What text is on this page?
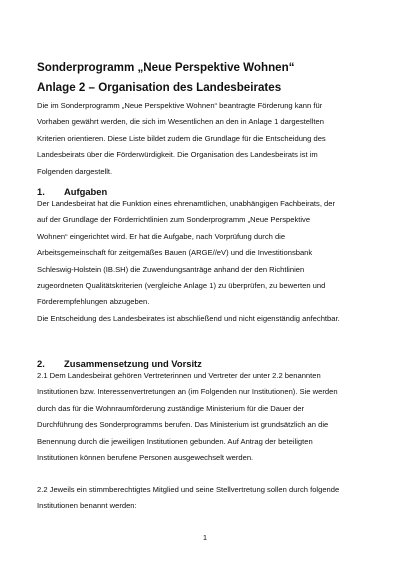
Sonderprogramm „Neue Perspektive Wohnen“
Anlage 2 – Organisation des Landesbeirates
Die im Sonderprogramm „Neue Perspektive Wohnen“ beantragte Förderung kann für
Vorhaben gewährt werden, die sich im Wesentlichen an den in Anlage 1 dargestellten
Kriterien orientieren. Diese Liste bildet zudem die Grundlage für die Entscheidung des
Landesbeirats über die Förderwürdigkeit. Die Organisation des Landesbeirats ist im
Folgenden dargestellt.
1. Aufgaben
Der Landesbeirat hat die Funktion eines ehrenamtlichen, unabhängigen Fachbeirats, der
auf der Grundlage der Förderrichtlinien zum Sonderprogramm „Neue Perspektive
Wohnen“ eingerichtet wird. Er hat die Aufgabe, nach Vorprüfung durch die
Arbeitsgemeinschaft für zeitgemäßes Bauen (ARGE//eV) und die Investitionsbank
Schleswig-Holstein (IB.SH) die Zuwendungsanträge anhand der den Richtlinien
zugeordneten Qualitätskriterien (vergleiche Anlage 1) zu überprüfen, zu bewerten und
Förderempfehlungen abzugeben.
Die Entscheidung des Landesbeirates ist abschließend und nicht eigenständig anfechtbar.
2. Zusammensetzung und Vorsitz
2.1 Dem Landesbeirat gehören Vertreterinnen und Vertreter der unter 2.2 benannten
Institutionen bzw. Interessenvertretungen an (im Folgenden nur Institutionen). Sie werden
durch das für die Wohnraumförderung zuständige Ministerium für die Dauer der
Durchführung des Sonderprogramms berufen. Das Ministerium ist grundsätzlich an die
Benennung durch die jeweiligen Institutionen gebunden. Auf Antrag der beteiligten
Institutionen können berufene Personen ausgewechselt werden.
2.2 Jeweils ein stimmberechtigtes Mitglied und seine Stellvertretung sollen durch folgende
Institutionen benannt werden:
1
